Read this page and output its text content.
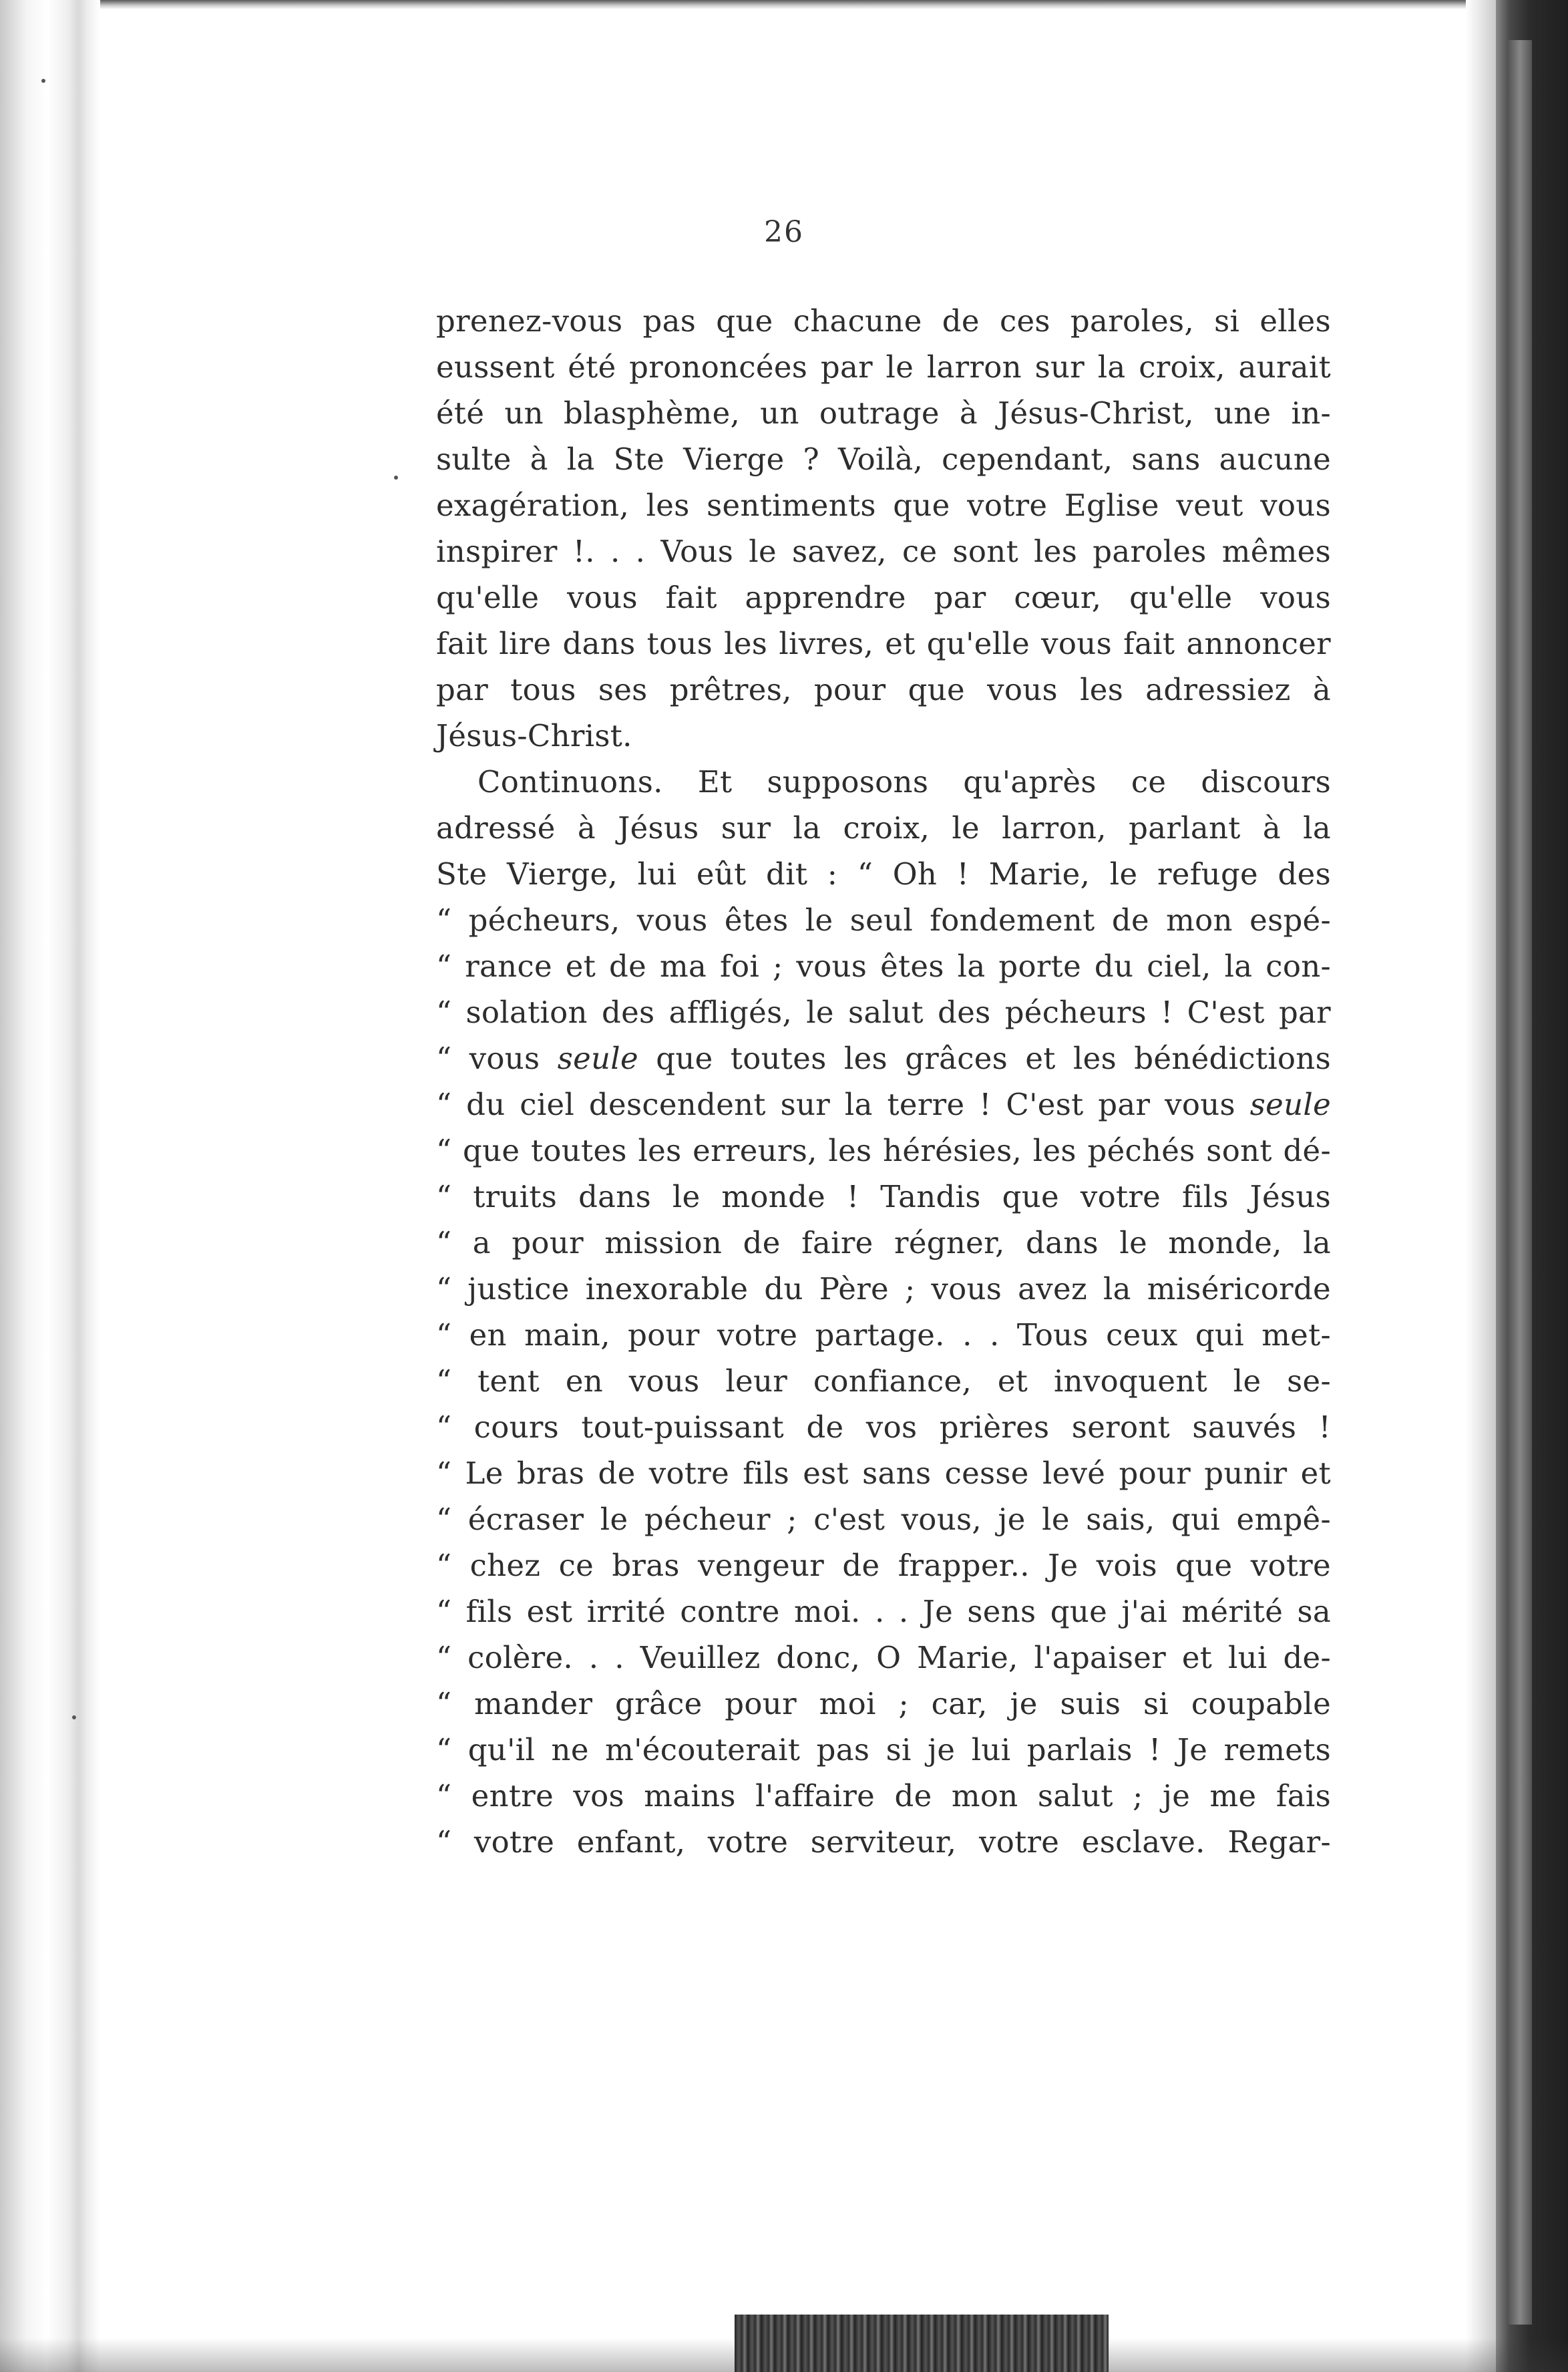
26
prenez-vous pas que chacune de ces paroles, si elles
eussent été prononcées par le larron sur la croix, aurait
été un blasphème, un outrage à Jésus-Christ, une in-
sulte à la Ste Vierge ? Voilà, cependant, sans aucune
exagération, les sentiments que votre Eglise veut vous
inspirer !. . . Vous le savez, ce sont les paroles mêmes
qu'elle vous fait apprendre par cœur, qu'elle vous
fait lire dans tous les livres, et qu'elle vous fait annoncer
par tous ses prêtres, pour que vous les adressiez à
Jésus-Christ.
Continuons. Et supposons qu'après ce discours
adressé à Jésus sur la croix, le larron, parlant à la
Ste Vierge, lui eût dit : “ Oh ! Marie, le refuge des
“ pécheurs, vous êtes le seul fondement de mon espé-
“ rance et de ma foi ; vous êtes la porte du ciel, la con-
“ solation des affligés, le salut des pécheurs ! C'est par
“ vous seule que toutes les grâces et les bénédictions
“ du ciel descendent sur la terre ! C'est par vous seule
“ que toutes les erreurs, les hérésies, les péchés sont dé-
“ truits dans le monde ! Tandis que votre fils Jésus
“ a pour mission de faire régner, dans le monde, la
“ justice inexorable du Père ; vous avez la miséricorde
“ en main, pour votre partage. . . Tous ceux qui met-
“ tent en vous leur confiance, et invoquent le se-
“ cours tout-puissant de vos prières seront sauvés !
“ Le bras de votre fils est sans cesse levé pour punir et
“ écraser le pécheur ; c'est vous, je le sais, qui empê-
“ chez ce bras vengeur de frapper.. Je vois que votre
“ fils est irrité contre moi. . . Je sens que j'ai mérité sa
“ colère. . . Veuillez donc, O Marie, l'apaiser et lui de-
“ mander grâce pour moi ; car, je suis si coupable
“ qu'il ne m'écouterait pas si je lui parlais ! Je remets
“ entre vos mains l'affaire de mon salut ; je me fais
“ votre enfant, votre serviteur, votre esclave. Regar-
